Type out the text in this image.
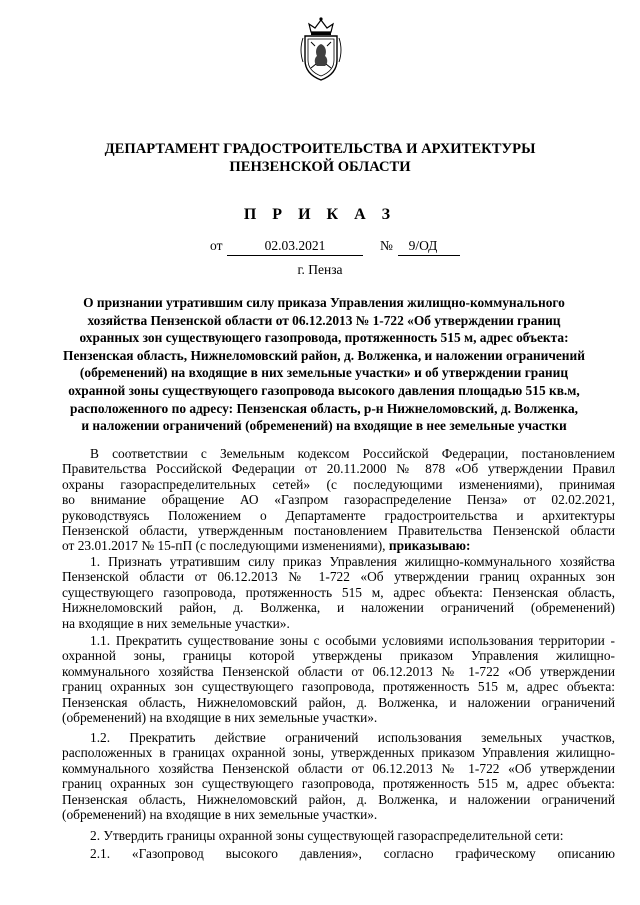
ДЕПАРТАМЕНТ ГРАДОСТРОИТЕЛЬСТВА И АРХИТЕКТУРЫ
ПЕНЗЕНСКОЙ ОБЛАСТИ
П Р И К А З
от	02.03.2021	№	9/ОД
г. Пенза
О признании утратившим силу приказа Управления жилищно-коммунального
хозяйства Пензенской области от 06.12.2013 № 1-722 «Об утверждении границ
охранных зон существующего газопровода, протяженность 515 м, адрес объекта:
Пензенская область, Нижнеломовский район, д. Волженка, и наложении ограничений
(обременений) на входящие в них земельные участки» и об утверждении границ
охранной зоны существующего газопровода высокого давления площадью 515 кв.м,
расположенного по адресу: Пензенская область, р-н Нижнеломовский, д. Волженка,
и наложении ограничений (обременений) на входящие в нее земельные участки
В соответствии с Земельным кодексом Российской Федерации, постановлением
Правительства Российской Федерации от 20.11.2000 № 878 «Об утверждении Правил
охраны газораспределительных сетей» (с последующими изменениями), принимая
во внимание обращение АО «Газпром газораспределение Пенза» от 02.02.2021,
руководствуясь Положением о Департаменте градостроительства и архитектуры
Пензенской области, утвержденным постановлением Правительства Пензенской области
от 23.01.2017 № 15-пП (с последующими изменениями), приказываю:
1. Признать утратившим силу приказ Управления жилищно-коммунального хозяйства
Пензенской области от 06.12.2013 № 1-722 «Об утверждении границ охранных зон
существующего газопровода, протяженность 515 м, адрес объекта: Пензенская область,
Нижнеломовский район, д. Волженка, и наложении ограничений (обременений)
на входящие в них земельные участки».
1.1. Прекратить существование зоны с особыми условиями использования территории -
охранной зоны, границы которой утверждены приказом Управления жилищно-
коммунального хозяйства Пензенской области от 06.12.2013 № 1-722 «Об утверждении
границ охранных зон существующего газопровода, протяженность 515 м, адрес объекта:
Пензенская область, Нижнеломовский район, д. Волженка, и наложении ограничений
(обременений) на входящие в них земельные участки».
1.2. Прекратить действие ограничений использования земельных участков,
расположенных в границах охранной зоны, утвержденных приказом Управления жилищно-
коммунального хозяйства Пензенской области от 06.12.2013 № 1-722 «Об утверждении
границ охранных зон существующего газопровода, протяженность 515 м, адрес объекта:
Пензенская область, Нижнеломовский район, д. Волженка, и наложении ограничений
(обременений) на входящие в них земельные участки».
2. Утвердить границы охранной зоны существующей газораспределительной сети:
2.1. «Газопровод высокого давления», согласно графическому описанию
